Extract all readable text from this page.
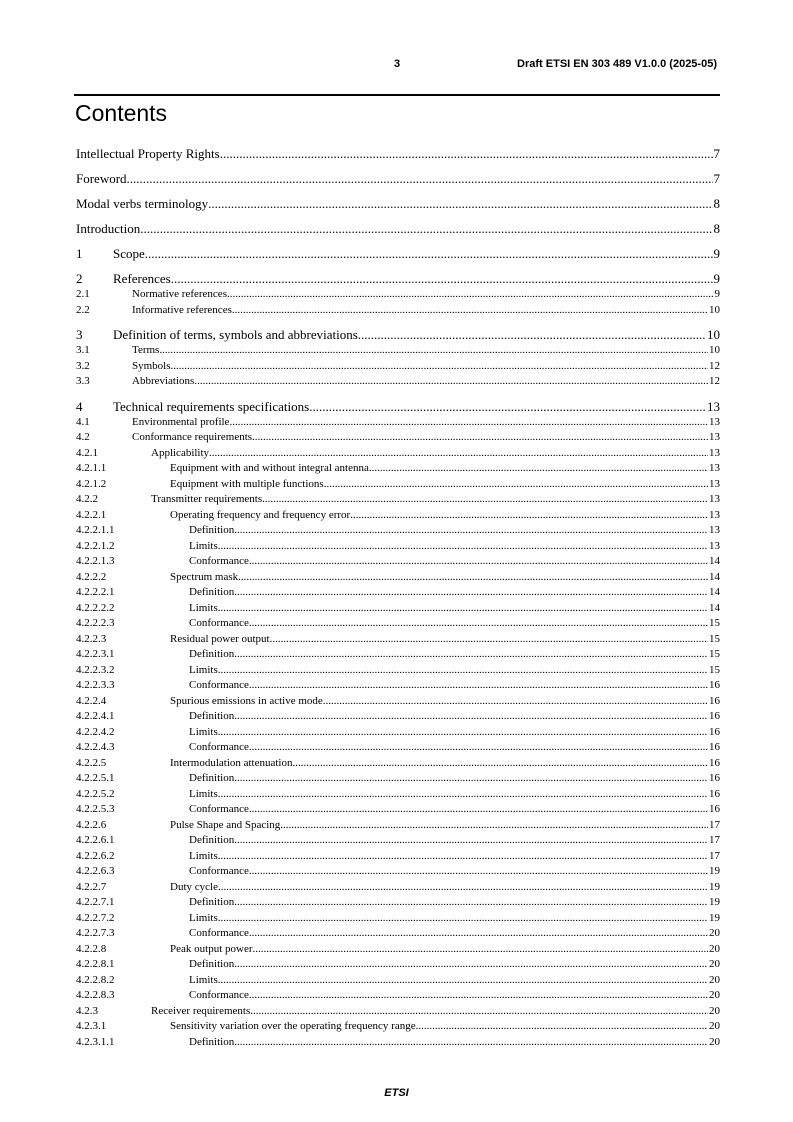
3	Draft ETSI EN 303 489 V1.0.0 (2025-05)
Contents
Intellectual Property Rights .....	7
Foreword .....	7
Modal verbs terminology .....	8
Introduction .....	8
1	Scope .....	9
2	References .....	9
2.1	Normative references .....	9
2.2	Informative references .....	10
3	Definition of terms, symbols and abbreviations .....	10
3.1	Terms .....	10
3.2	Symbols .....	12
3.3	Abbreviations .....	12
4	Technical requirements specifications .....	13
4.1	Environmental profile .....	13
4.2	Conformance requirements .....	13
4.2.1	Applicability .....	13
4.2.1.1	Equipment with and without integral antenna .....	13
4.2.1.2	Equipment with multiple functions .....	13
4.2.2	Transmitter requirements .....	13
4.2.2.1	Operating frequency and frequency error .....	13
4.2.2.1.1	Definition .....	13
4.2.2.1.2	Limits .....	13
4.2.2.1.3	Conformance .....	14
4.2.2.2	Spectrum mask .....	14
4.2.2.2.1	Definition .....	14
4.2.2.2.2	Limits .....	14
4.2.2.2.3	Conformance .....	15
4.2.2.3	Residual power output .....	15
4.2.2.3.1	Definition .....	15
4.2.2.3.2	Limits .....	15
4.2.2.3.3	Conformance .....	16
4.2.2.4	Spurious emissions in active mode .....	16
4.2.2.4.1	Definition .....	16
4.2.2.4.2	Limits .....	16
4.2.2.4.3	Conformance .....	16
4.2.2.5	Intermodulation attenuation .....	16
4.2.2.5.1	Definition .....	16
4.2.2.5.2	Limits .....	16
4.2.2.5.3	Conformance .....	16
4.2.2.6	Pulse Shape and Spacing .....	17
4.2.2.6.1	Definition .....	17
4.2.2.6.2	Limits .....	17
4.2.2.6.3	Conformance .....	19
4.2.2.7	Duty cycle .....	19
4.2.2.7.1	Definition .....	19
4.2.2.7.2	Limits .....	19
4.2.2.7.3	Conformance .....	20
4.2.2.8	Peak output power .....	20
4.2.2.8.1	Definition .....	20
4.2.2.8.2	Limits .....	20
4.2.2.8.3	Conformance .....	20
4.2.3	Receiver requirements .....	20
4.2.3.1	Sensitivity variation over the operating frequency range .....	20
4.2.3.1.1	Definition .....	20
ETSI
